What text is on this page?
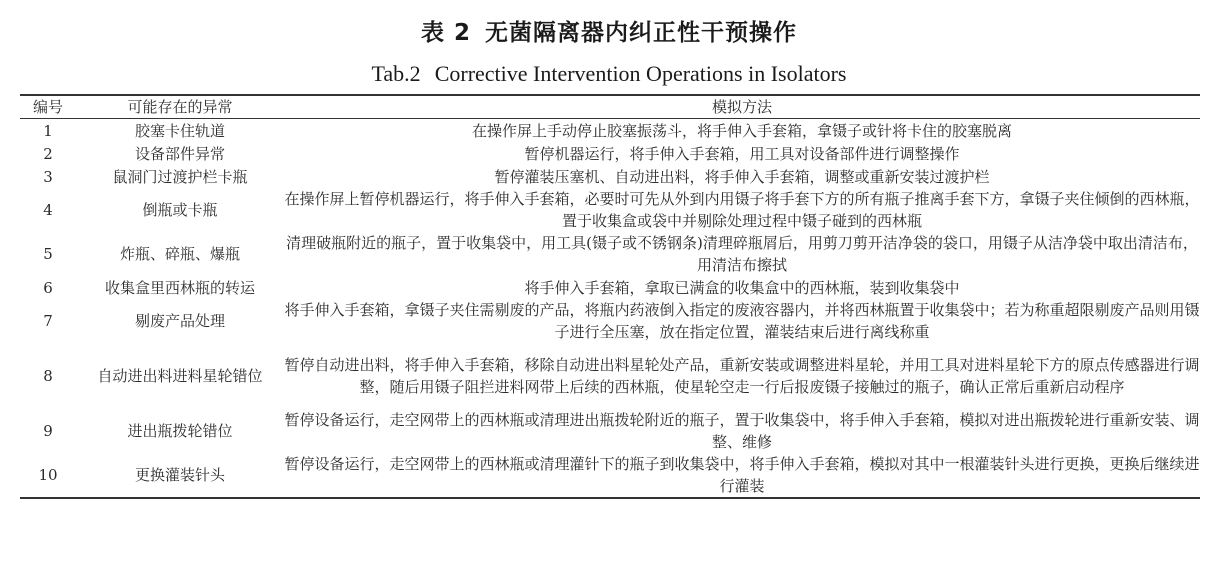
表 2 无菌隔离器内纠正性干预操作
Tab.2 Corrective Intervention Operations in Isolators
编号	可能存在的异常	模拟方法
1	胶塞卡住轨道	在操作屏上手动停止胶塞振荡斗，将手伸入手套箱，拿镊子或针将卡住的胶塞脱离
2	设备部件异常	暂停机器运行，将手伸入手套箱，用工具对设备部件进行调整操作
3	鼠洞门过渡护栏卡瓶	暂停灌装压塞机、自动进出料，将手伸入手套箱，调整或重新安装过渡护栏
4	倒瓶或卡瓶	在操作屏上暂停机器运行，将手伸入手套箱，必要时可先从外到内用镊子将手套下方的所有瓶子推离手套下方，拿镊子夹住倾倒的西林瓶，置于收集盒或袋中并剔除处理过程中镊子碰到的西林瓶
5	炸瓶、碎瓶、爆瓶	清理破瓶附近的瓶子，置于收集袋中，用工具(镊子或不锈钢条)清理碎瓶屑后，用剪刀剪开洁净袋的袋口，用镊子从洁净袋中取出清洁布，用清洁布擦拭
6	收集盒里西林瓶的转运	将手伸入手套箱，拿取已满盒的收集盒中的西林瓶，装到收集袋中
7	剔废产品处理	将手伸入手套箱，拿镊子夹住需剔废的产品，将瓶内药液倒入指定的废液容器内，并将西林瓶置于收集袋中；若为称重超限剔废产品则用镊子进行全压塞，放在指定位置，灌装结束后进行离线称重
8	自动进出料进料星轮错位	暂停自动进出料，将手伸入手套箱，移除自动进出料星轮处产品，重新安装或调整进料星轮，并用工具对进料星轮下方的原点传感器进行调整，随后用镊子阻拦进料网带上后续的西林瓶，使星轮空走一行后报废镊子接触过的瓶子，确认正常后重新启动程序
9	进出瓶拨轮错位	暂停设备运行，走空网带上的西林瓶或清理进出瓶拨轮附近的瓶子，置于收集袋中，将手伸入手套箱，模拟对进出瓶拨轮进行重新安装、调整、维修
10	更换灌装针头	暂停设备运行，走空网带上的西林瓶或清理灌针下的瓶子到收集袋中，将手伸入手套箱，模拟对其中一根灌装针头进行更换，更换后继续进行灌装
